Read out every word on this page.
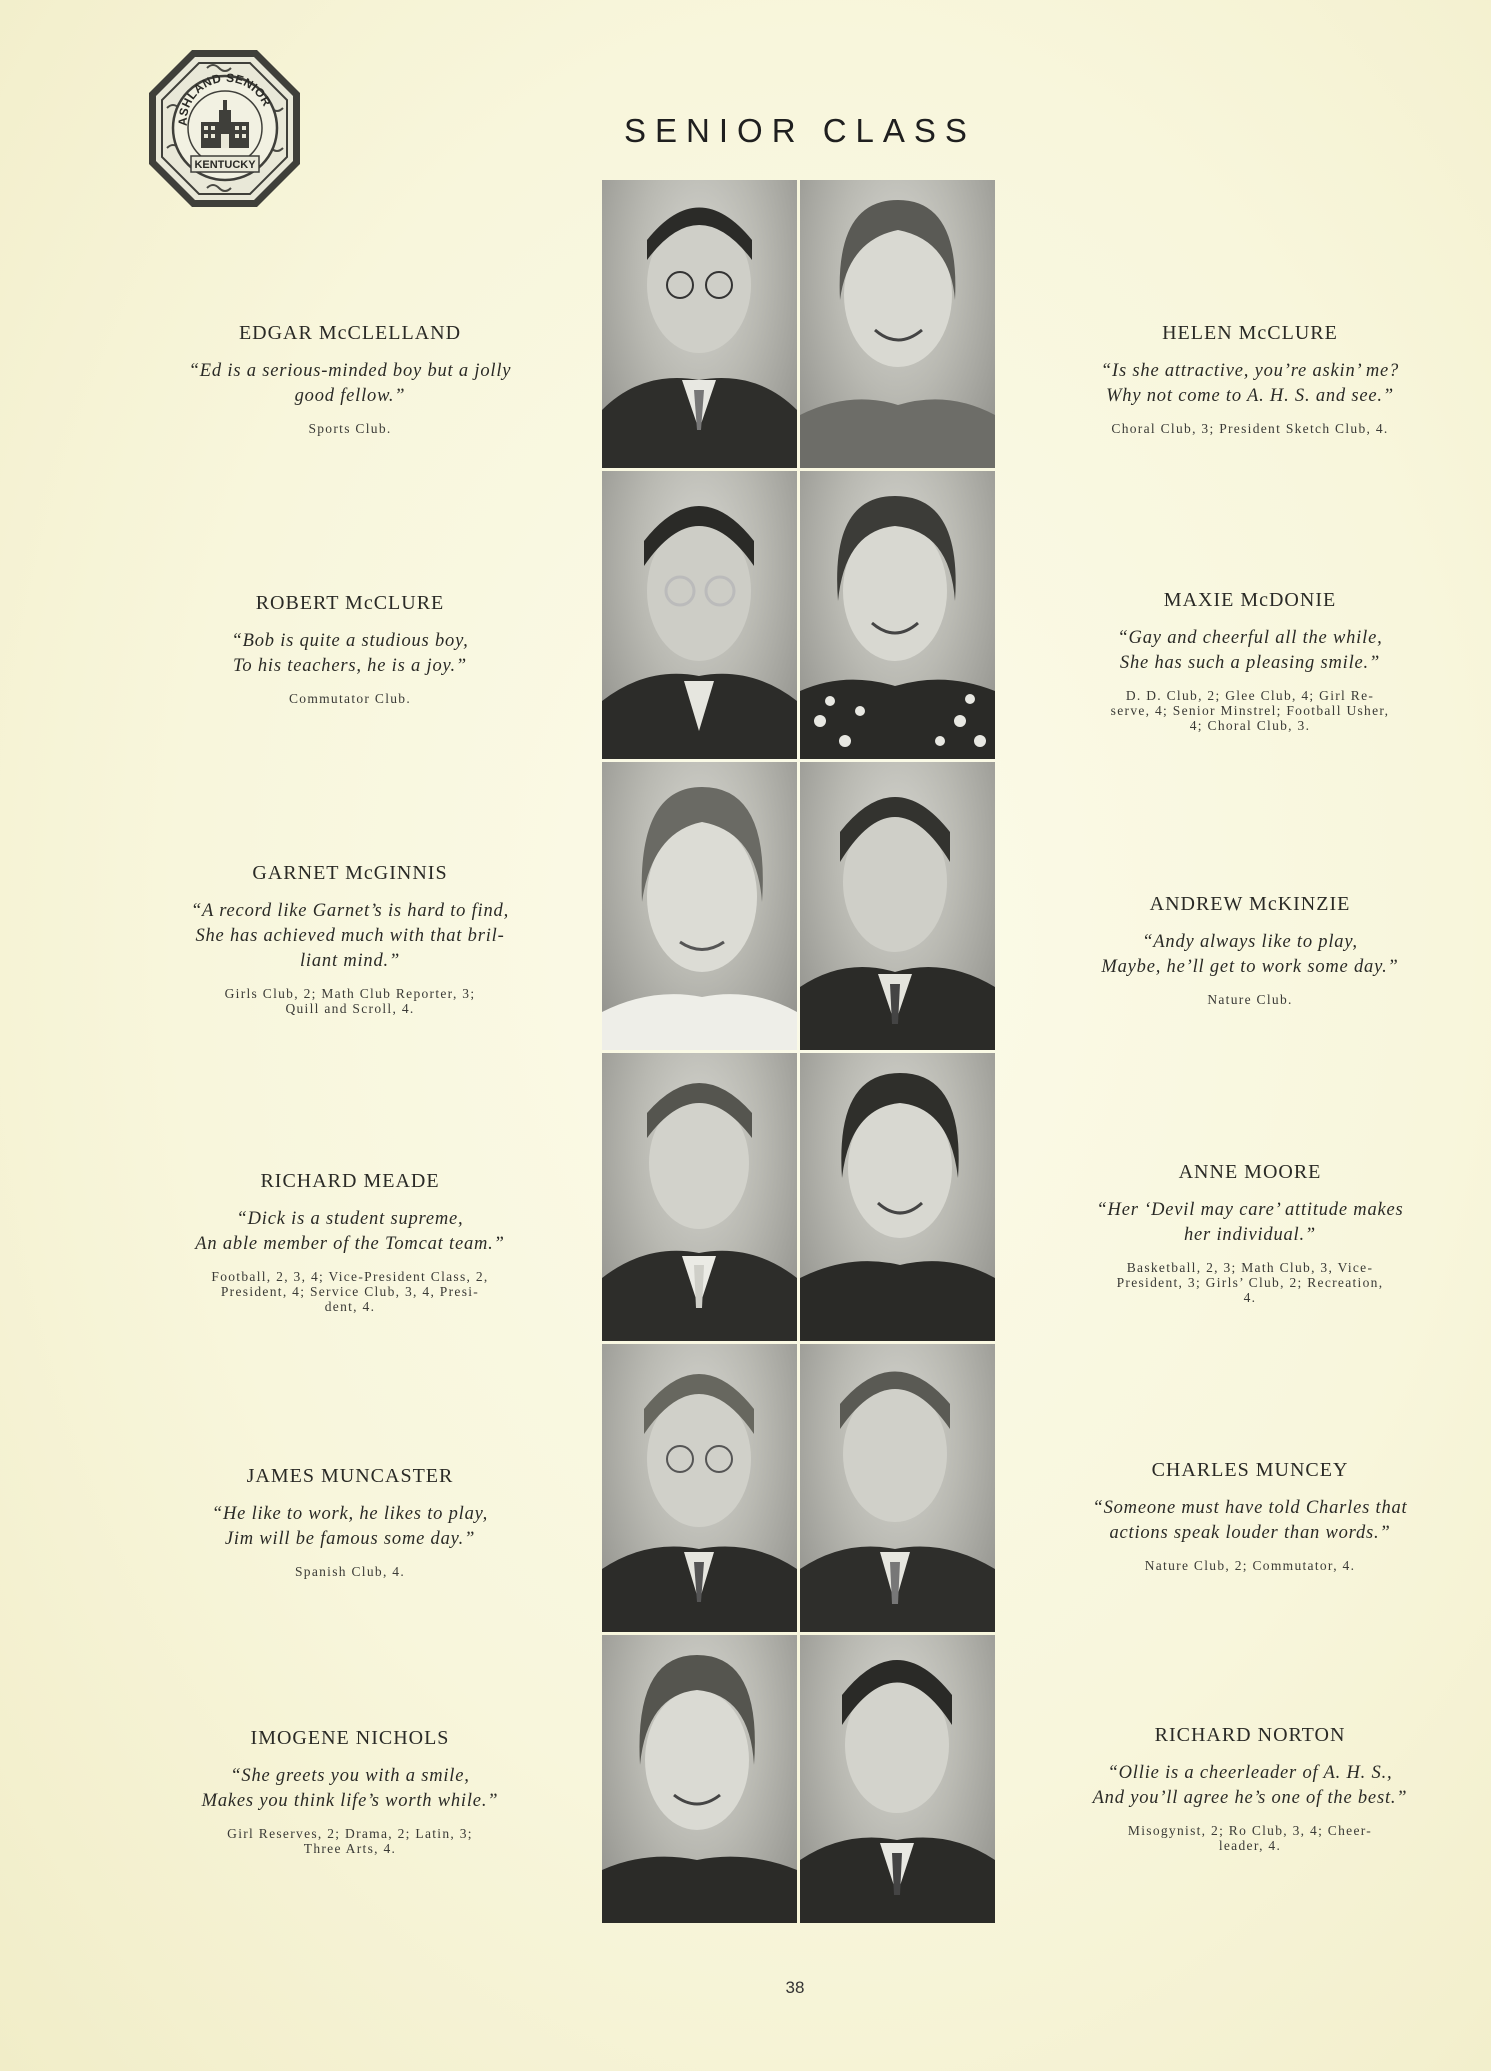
ASHLAND SENIOR
KENTUCKY
SENIOR CLASS
EDGAR McCLELLAND
“Ed is a serious-minded boy but a jolly
good fellow.”
Sports Club.
ROBERT McCLURE
“Bob is quite a studious boy,
To his teachers, he is a joy.”
Commutator Club.
GARNET McGINNIS
“A record like Garnet’s is hard to find,
She has achieved much with that bril-
liant mind.”
Girls Club, 2; Math Club Reporter, 3;
Quill and Scroll, 4.
RICHARD MEADE
“Dick is a student supreme,
An able member of the Tomcat team.”
Football, 2, 3, 4; Vice-President Class, 2,
President, 4; Service Club, 3, 4, Presi-
dent, 4.
JAMES MUNCASTER
“He like to work, he likes to play,
Jim will be famous some day.”
Spanish Club, 4.
IMOGENE NICHOLS
“She greets you with a smile,
Makes you think life’s worth while.”
Girl Reserves, 2; Drama, 2; Latin, 3;
Three Arts, 4.
HELEN McCLURE
“Is she attractive, you’re askin’ me?
Why not come to A. H. S. and see.”
Choral Club, 3; President Sketch Club, 4.
MAXIE McDONIE
“Gay and cheerful all the while,
She has such a pleasing smile.”
D. D. Club, 2; Glee Club, 4; Girl Re-
serve, 4; Senior Minstrel; Football Usher,
4; Choral Club, 3.
ANDREW McKINZIE
“Andy always like to play,
Maybe, he’ll get to work some day.”
Nature Club.
ANNE MOORE
“Her ‘Devil may care’ attitude makes
her individual.”
Basketball, 2, 3; Math Club, 3, Vice-
President, 3; Girls’ Club, 2; Recreation,
4.
CHARLES MUNCEY
“Someone must have told Charles that
actions speak louder than words.”
Nature Club, 2; Commutator, 4.
RICHARD NORTON
“Ollie is a cheerleader of A. H. S.,
And you’ll agree he’s one of the best.”
Misogynist, 2; Ro Club, 3, 4; Cheer-
leader, 4.
38
